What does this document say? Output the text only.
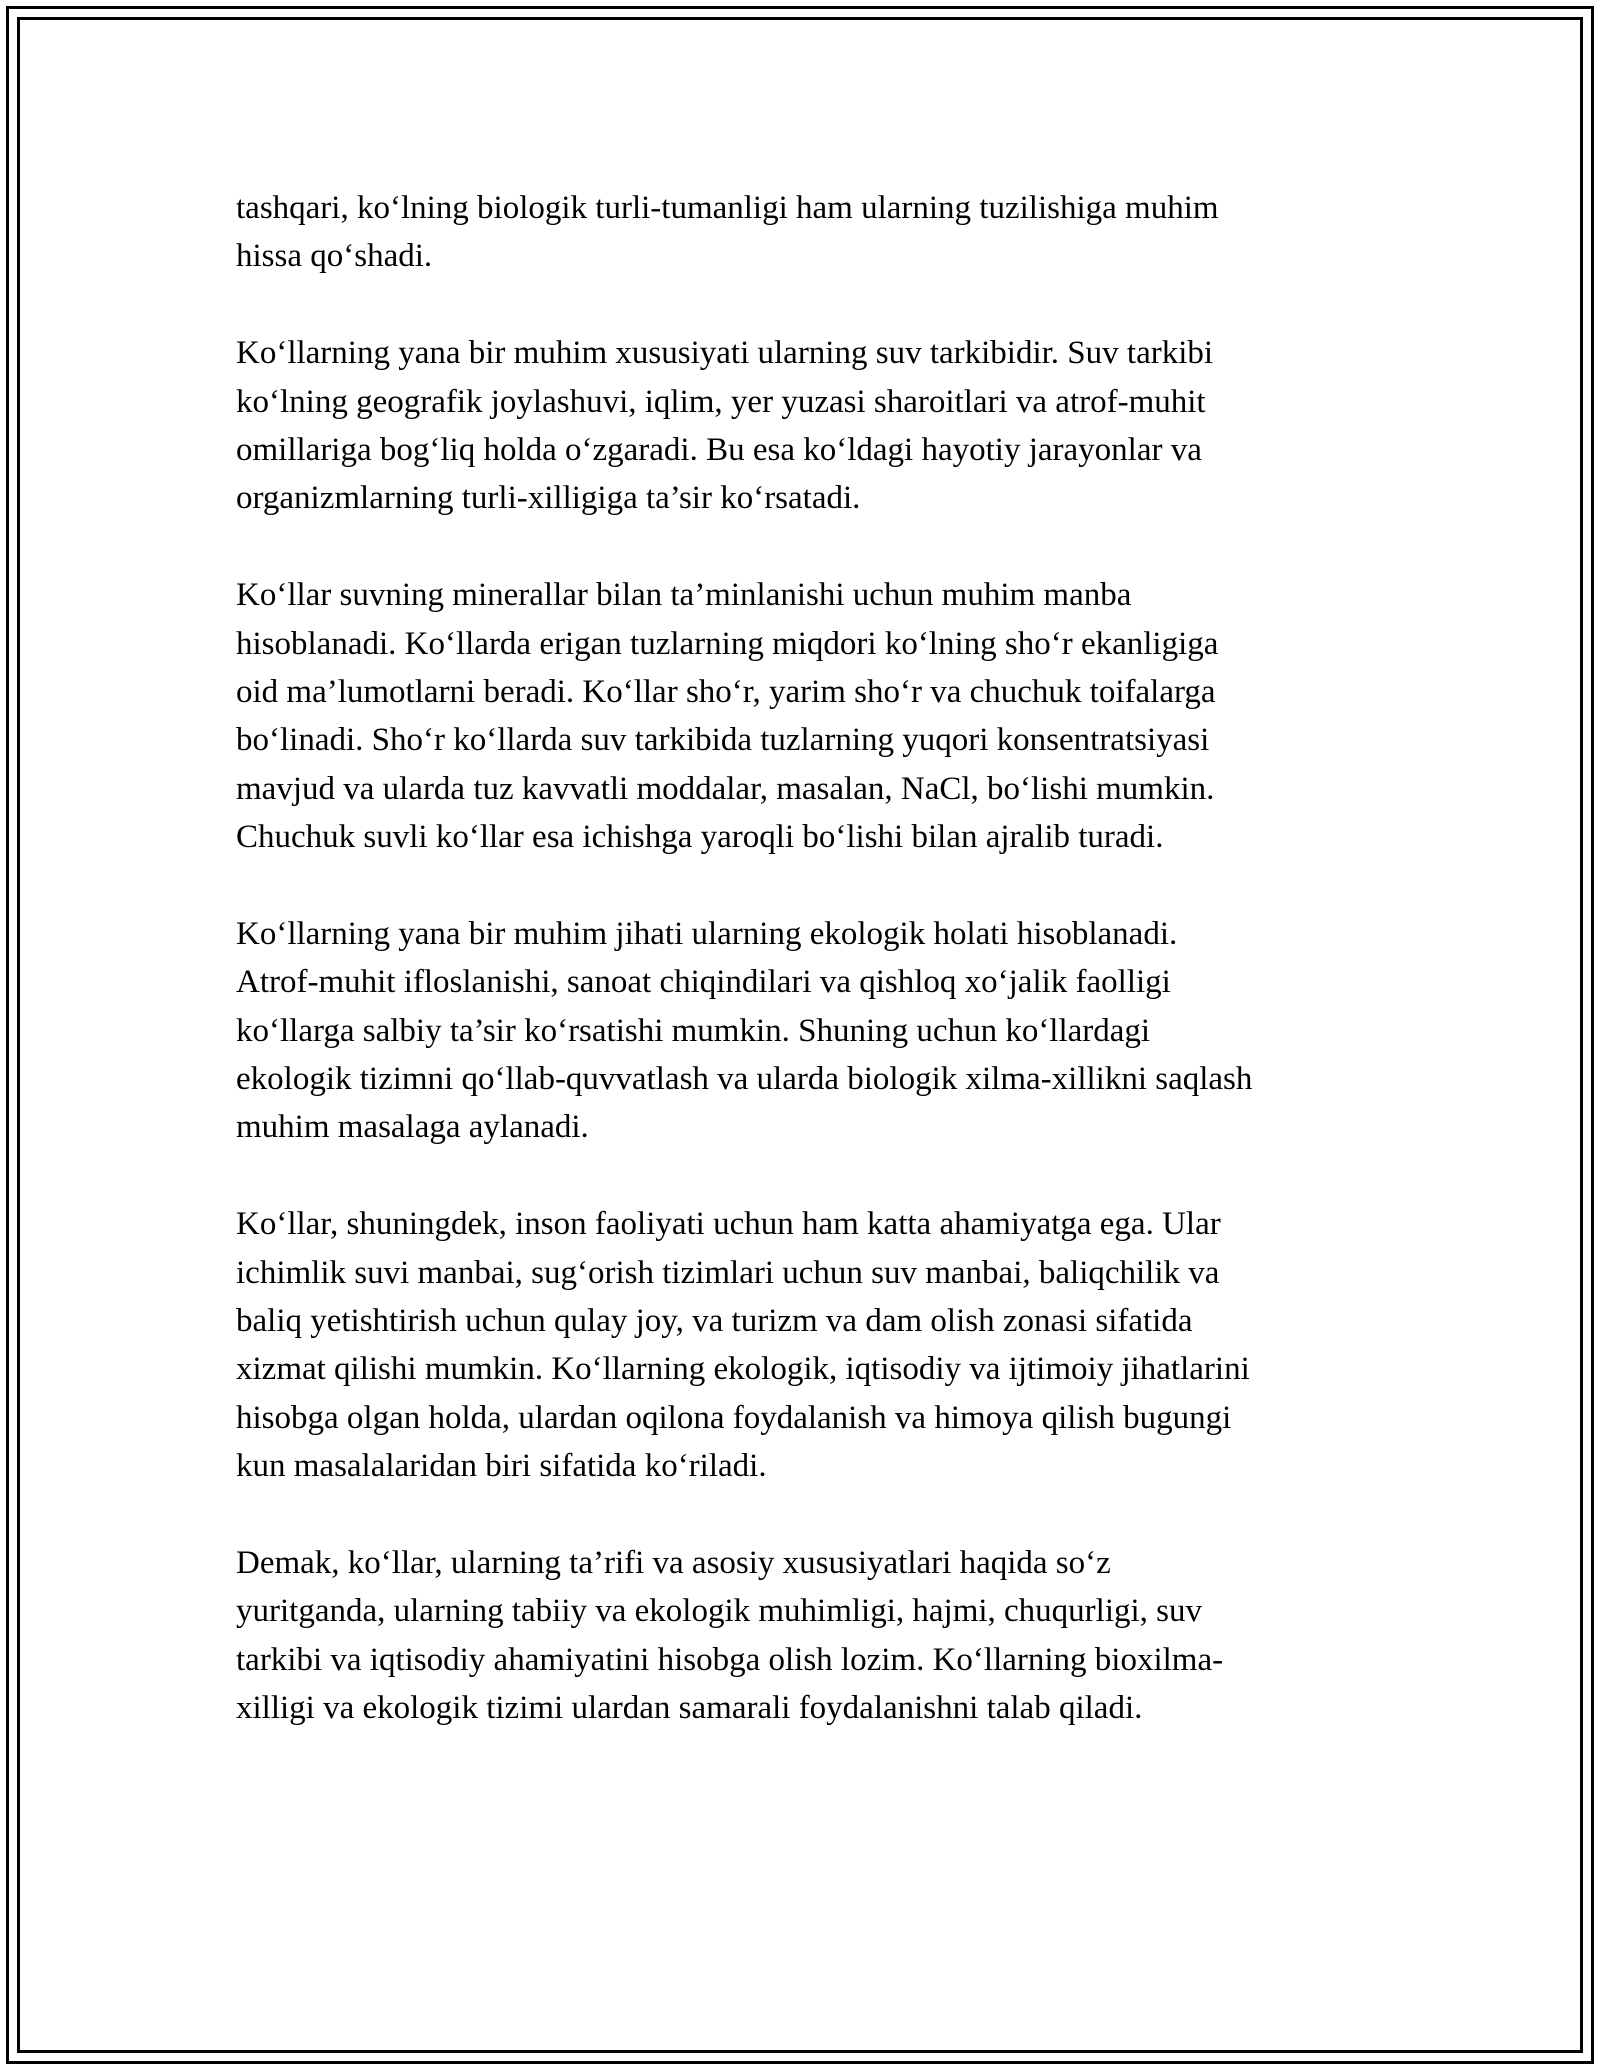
tashqari, ko‘lning biologik turli-tumanligi ham ularning tuzilishiga muhim
hissa qo‘shadi.

Ko‘llarning yana bir muhim xususiyati ularning suv tarkibidir. Suv tarkibi
ko‘lning geografik joylashuvi, iqlim, yer yuzasi sharoitlari va atrof-muhit
omillariga bog‘liq holda o‘zgaradi. Bu esa ko‘ldagi hayotiy jarayonlar va
organizmlarning turli-xilligiga ta’sir ko‘rsatadi.

Ko‘llar suvning minerallar bilan ta’minlanishi uchun muhim manba
hisoblanadi. Ko‘llarda erigan tuzlarning miqdori ko‘lning sho‘r ekanligiga
oid ma’lumotlarni beradi. Ko‘llar sho‘r, yarim sho‘r va chuchuk toifalarga
bo‘linadi. Sho‘r ko‘llarda suv tarkibida tuzlarning yuqori konsentratsiyasi
mavjud va ularda tuz kavvatli moddalar, masalan, NaCl, bo‘lishi mumkin.
Chuchuk suvli ko‘llar esa ichishga yaroqli bo‘lishi bilan ajralib turadi.

Ko‘llarning yana bir muhim jihati ularning ekologik holati hisoblanadi.
Atrof-muhit ifloslanishi, sanoat chiqindilari va qishloq xo‘jalik faolligi
ko‘llarga salbiy ta’sir ko‘rsatishi mumkin. Shuning uchun ko‘llardagi
ekologik tizimni qo‘llab-quvvatlash va ularda biologik xilma-xillikni saqlash
muhim masalaga aylanadi.

Ko‘llar, shuningdek, inson faoliyati uchun ham katta ahamiyatga ega. Ular
ichimlik suvi manbai, sug‘orish tizimlari uchun suv manbai, baliqchilik va
baliq yetishtirish uchun qulay joy, va turizm va dam olish zonasi sifatida
xizmat qilishi mumkin. Ko‘llarning ekologik, iqtisodiy va ijtimoiy jihatlarini
hisobga olgan holda, ulardan oqilona foydalanish va himoya qilish bugungi
kun masalalaridan biri sifatida ko‘riladi.

Demak, ko‘llar, ularning ta’rifi va asosiy xususiyatlari haqida so‘z
yuritganda, ularning tabiiy va ekologik muhimligi, hajmi, chuqurligi, suv
tarkibi va iqtisodiy ahamiyatini hisobga olish lozim. Ko‘llarning bioxilma-
xilligi va ekologik tizimi ulardan samarali foydalanishni talab qiladi.
